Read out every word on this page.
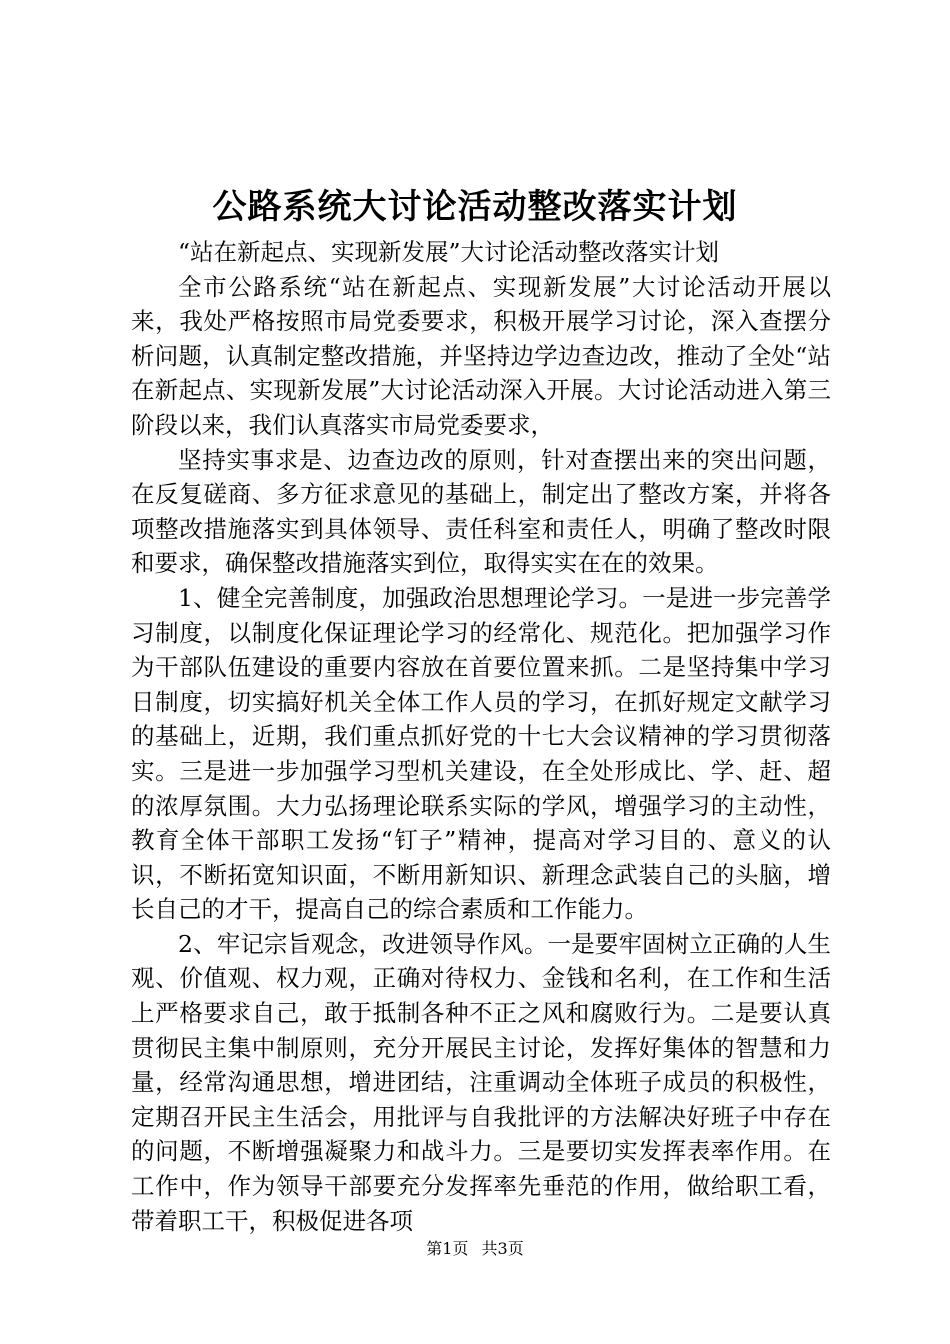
公路系统大讨论活动整改落实计划

“站在新起点、实现新发展”大讨论活动整改落实计划

全市公路系统“站在新起点、实现新发展”大讨论活动开展以来，我处严格按照市局党委要求，积极开展学习讨论，深入查摆分析问题，认真制定整改措施，并坚持边学边查边改，推动了全处“站在新起点、实现新发展”大讨论活动深入开展。大讨论活动进入第三阶段以来，我们认真落实市局党委要求，

坚持实事求是、边查边改的原则，针对查摆出来的突出问题，在反复磋商、多方征求意见的基础上，制定出了整改方案，并将各项整改措施落实到具体领导、责任科室和责任人，明确了整改时限和要求，确保整改措施落实到位，取得实实在在的效果。

1、健全完善制度，加强政治思想理论学习。一是进一步完善学习制度，以制度化保证理论学习的经常化、规范化。把加强学习作为干部队伍建设的重要内容放在首要位置来抓。二是坚持集中学习日制度，切实搞好机关全体工作人员的学习，在抓好规定文献学习的基础上，近期，我们重点抓好党的十七大会议精神的学习贯彻落实。三是进一步加强学习型机关建设，在全处形成比、学、赶、超的浓厚氛围。大力弘扬理论联系实际的学风，增强学习的主动性，教育全体干部职工发扬“钉子”精神，提高对学习目的、意义的认识，不断拓宽知识面，不断用新知识、新理念武装自己的头脑，增长自己的才干，提高自己的综合素质和工作能力。

2、牢记宗旨观念，改进领导作风。一是要牢固树立正确的人生观、价值观、权力观，正确对待权力、金钱和名利，在工作和生活上严格要求自己，敢于抵制各种不正之风和腐败行为。二是要认真贯彻民主集中制原则，充分开展民主讨论，发挥好集体的智慧和力量，经常沟通思想，增进团结，注重调动全体班子成员的积极性，定期召开民主生活会，用批评与自我批评的方法解决好班子中存在的问题，不断增强凝聚力和战斗力。三是要切实发挥表率作用。在工作中，作为领导干部要充分发挥率先垂范的作用，做给职工看，带着职工干，积极促进各项

第1页 共3页
